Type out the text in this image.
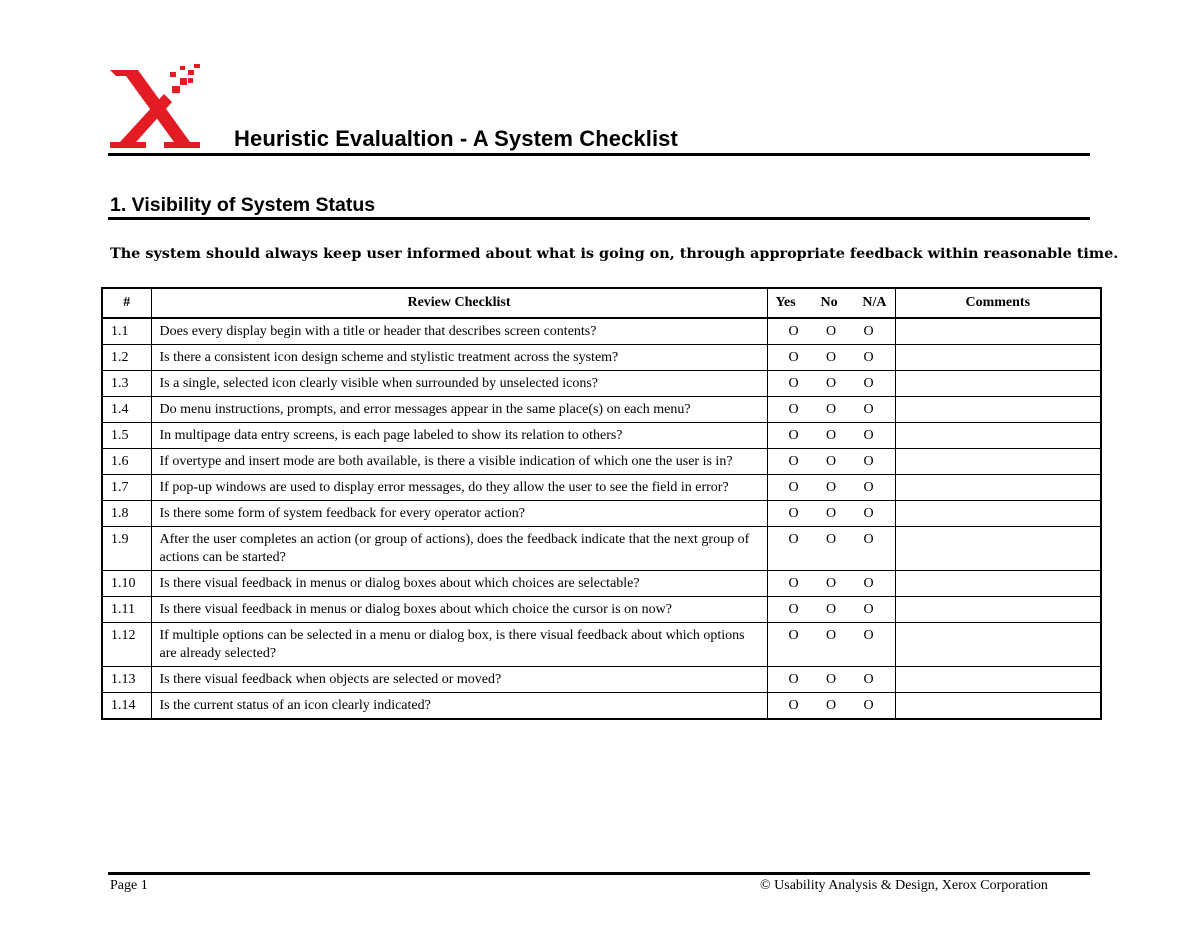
Heuristic Evalualtion - A System Checklist
1. Visibility of System Status
The system should always keep user informed about what is going on, through appropriate feedback within reasonable time.
#	Review Checklist	Yes No N/A	Comments
1.1	Does every display begin with a title or header that describes screen contents?	O O O	

1.2	Is there a consistent icon design scheme and stylistic treatment across the system?	O O O	

1.3	Is a single, selected icon clearly visible when surrounded by unselected icons?	O O O	

1.4	Do menu instructions, prompts, and error messages appear in the same place(s) on each menu?	O O O	

1.5	In multipage data entry screens, is each page labeled to show its relation to others?	O O O	

1.6	If overtype and insert mode are both available, is there a visible indication of which one the user is in?	O O O	

1.7	If pop-up windows are used to display error messages, do they allow the user to see the field in error?	O O O	

1.8	Is there some form of system feedback for every operator action?	O O O	

1.9	After the user completes an action (or group of actions), does the feedback indicate that the next group of actions can be started?	O O O	

1.10	Is there visual feedback in menus or dialog boxes about which choices are selectable?	O O O	

1.11	Is there visual feedback in menus or dialog boxes about which choice the cursor is on now?	O O O	

1.12	If multiple options can be selected in a menu or dialog box, is there visual feedback about which options are already selected?	O O O	

1.13	Is there visual feedback when objects are selected or moved?	O O O	

1.14	Is the current status of an icon clearly indicated?	O O O	

Page 1	© Usability Analysis & Design, Xerox Corporation
